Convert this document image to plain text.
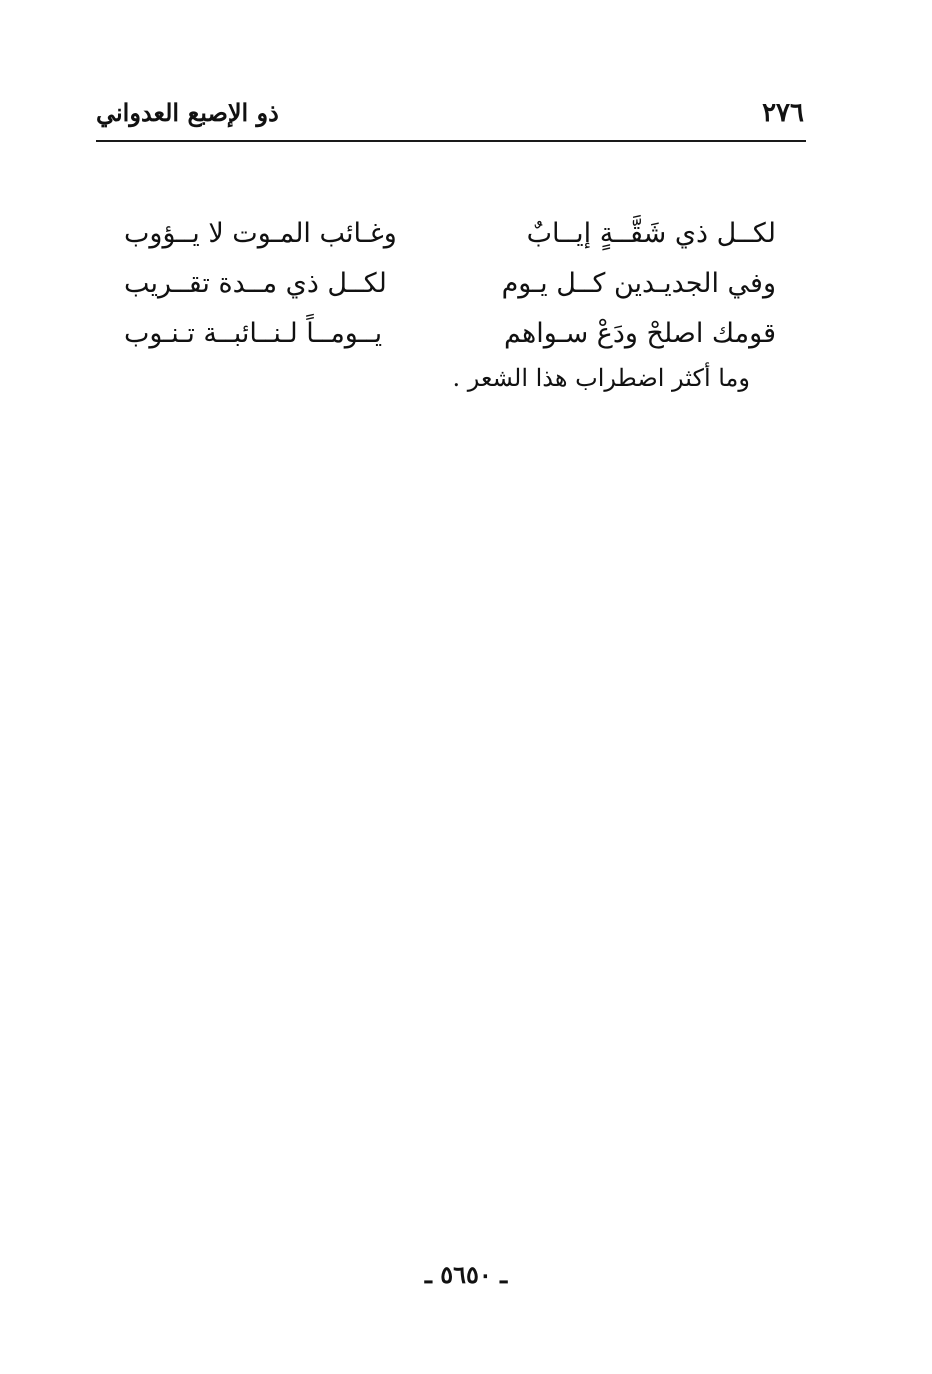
٢٧٦
ذو الإصبع العدواني
لكــل ذي شَقَّــةٍ إيــابٌ
وغـائب المـوت لا يــؤوب
وفي الجديـدين كــل يـوم
لكــل ذي مــدة تقــريب
قومك اصلحْ ودَعْ سـواهم
يــومــاً لـنــائبــة تـنـوب
وما أكثر اضطراب هذا الشعر .
ـ ٥٦٥٠ ـ
